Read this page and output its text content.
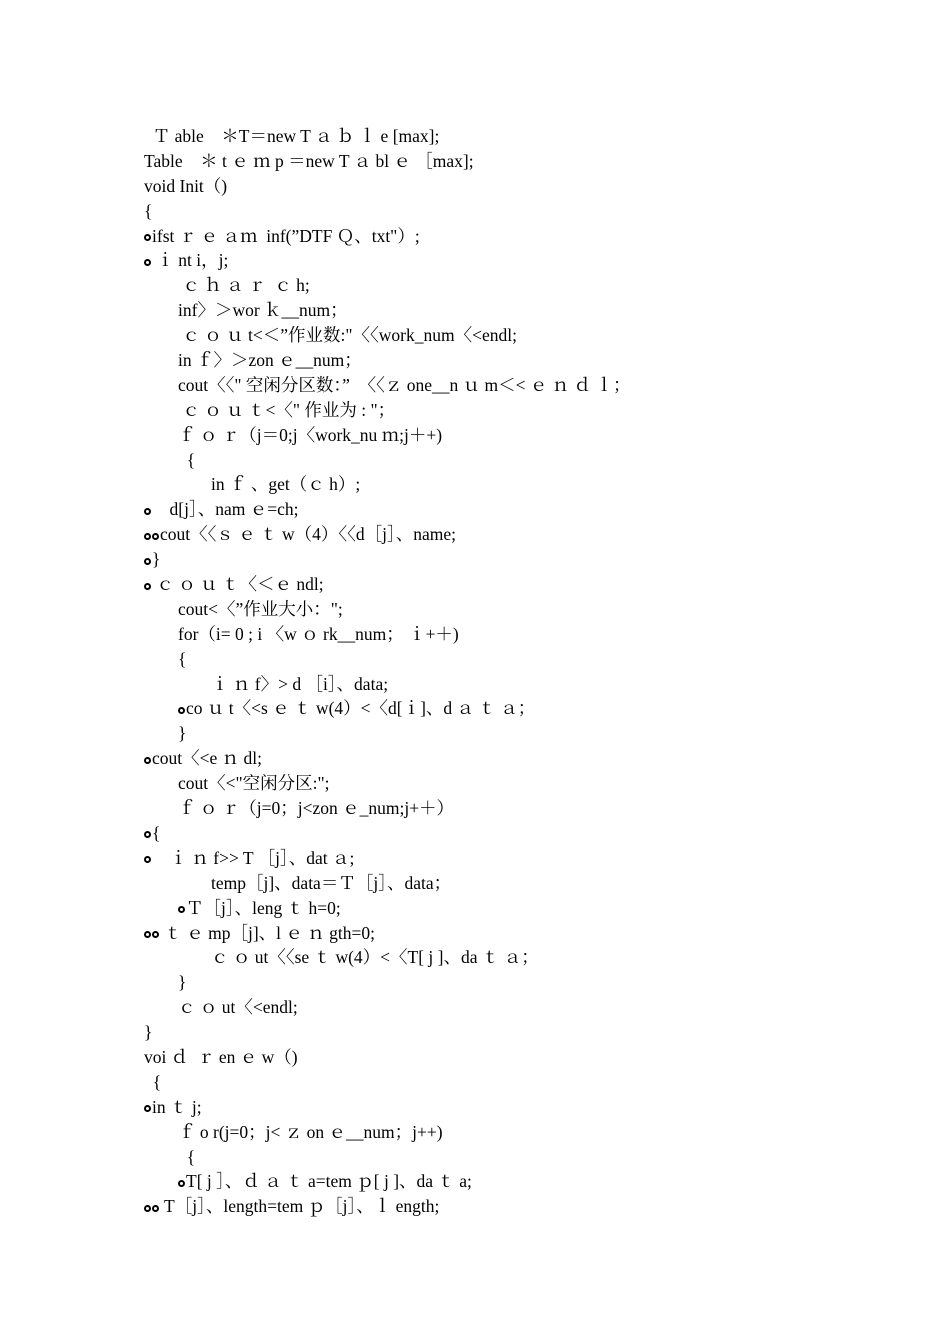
Ｔ able    ＊T＝new T ａ ｂ ｌ e [max];
Table    ＊ t ｅ ｍ p ＝new T ａ bl ｅ ［max];
void Init（)
{
ifst ｒ ｅ ａｍ  inf(”DTF Ｑ、txt"）;
ｉ nt i，j;
ｃ ｈ ａ ｒ  ｃ h;
inf〉＞wor ｋ__num；
ｃ ｏ ｕ t<＜”作业数:"〈〈work_num〈<endl;
in ｆ〉＞zon ｅ__num；
cout〈〈" 空闲分区数：”  〈〈ｚ one__n ｕ m＜< ｅ ｎ ｄ ｌ；
ｃ ｏ ｕ ｔ<〈" 作业为 : "；
ｆ ｏ ｒ（j＝0;j〈work_nu ｍ;j＋+)
{
in ｆ 、get（ｃ h）;
d[j］、nam ｅ=ch;
cout〈〈ｓ ｅ ｔ w（4）〈〈d［j］、name;
}
ｃ ｏ ｕ ｔ〈＜ｅ ndl;
cout<〈”作业大小：";
for（i= 0 ; i 〈w ｏ rk__num； ｉ+＋)
{
ｉ ｎ f〉> d ［i］、data;
co ｕ t〈<s ｅ ｔ w(4）<〈d[ｉ]、d ａ ｔ ａ；
}
cout〈<e ｎ dl;
cout〈<"空闲分区:";
ｆ ｏ ｒ（j=0；j<zon ｅ_num;j+＋）
{
ｉ ｎ f>> T ［j］、dat ａ;
temp［j]、data＝Ｔ［j］、data；
Ｔ［j］、leng ｔ h=0;
ｔ ｅ mp［j]、l ｅ ｎ gth=0;
ｃ ｏ ut〈〈se ｔ w(4）<〈T[ j ]、da ｔ ａ；
}
ｃ ｏ ut〈<endl;
}
voi ｄ  ｒ en ｅ w（)
{
in ｔ j;
ｆ o r(j=0；j< ｚ on ｅ__num；j++)
{
T[ j ］、ｄ ａ ｔ a=tem ｐ[ j ]、da ｔ a;
T［j］、length=tem ｐ［j］、ｌ ength;
